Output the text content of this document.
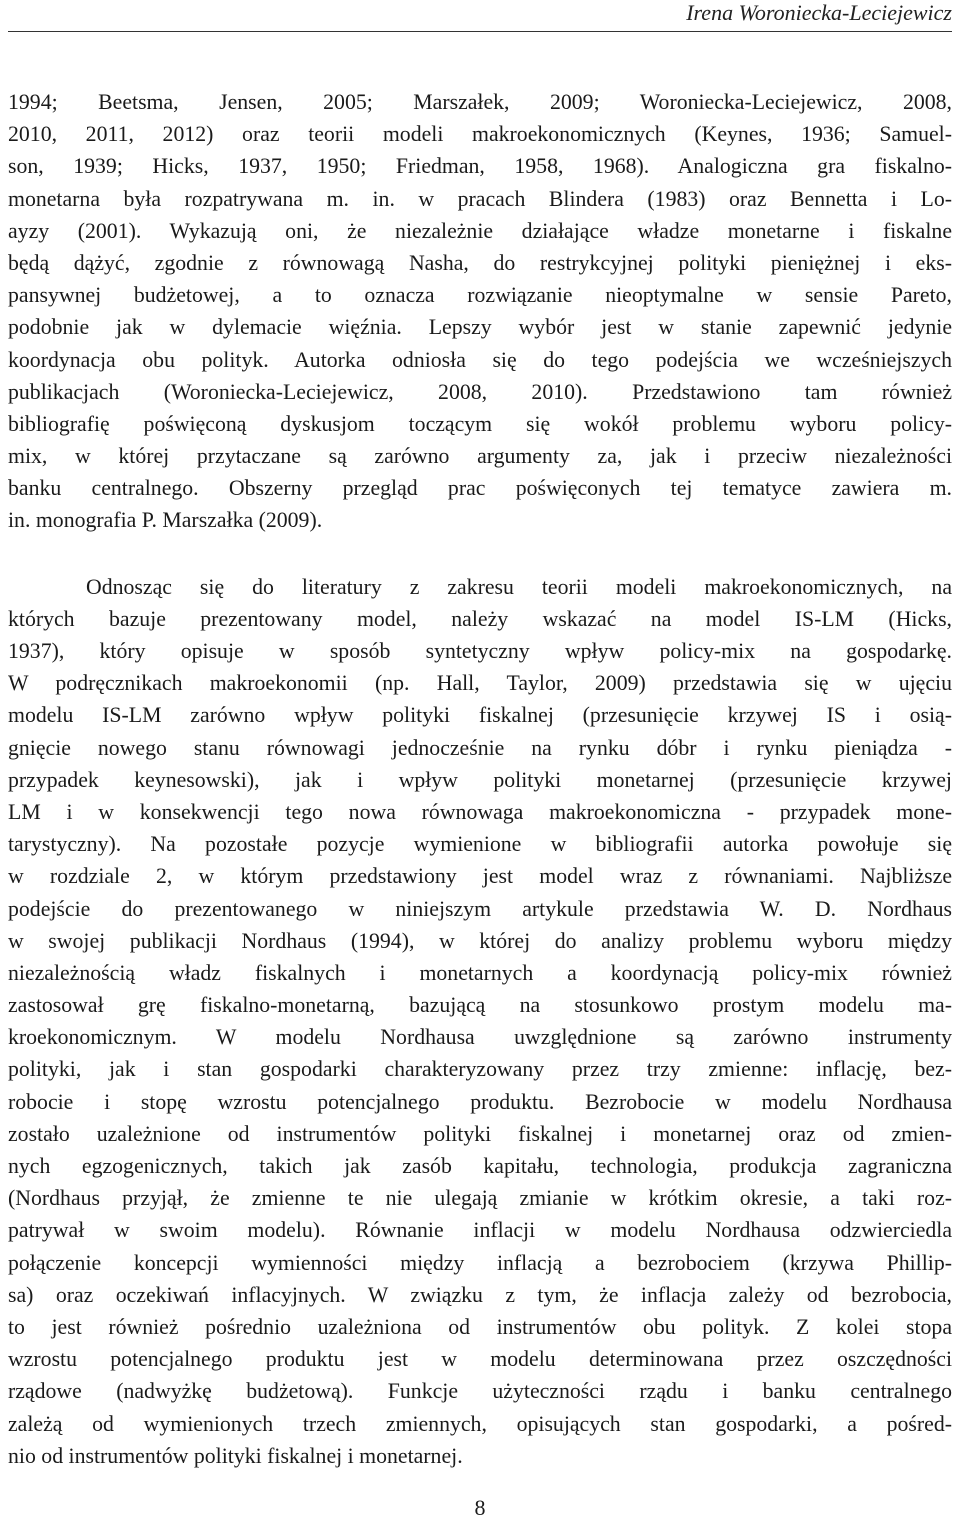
Irena Woroniecka-Leciejewicz
1994; Beetsma, Jensen, 2005; Marszałek, 2009; Woroniecka-Leciejewicz, 2008,
2010, 2011, 2012) oraz teorii modeli makroekonomicznych (Keynes, 1936; Samuel-
son, 1939; Hicks, 1937, 1950; Friedman, 1958, 1968). Analogiczna gra fiskalno-
monetarna była rozpatrywana m. in. w pracach Blindera (1983) oraz Bennetta i Lo-
ayzy (2001). Wykazują oni, że niezależnie działające władze monetarne i fiskalne
będą dążyć, zgodnie z równowagą Nasha, do restrykcyjnej polityki pieniężnej i eks-
pansywnej budżetowej, a to oznacza rozwiązanie nieoptymalne w sensie Pareto,
podobnie jak w dylemacie więźnia. Lepszy wybór jest w stanie zapewnić jedynie
koordynacja obu polityk. Autorka odniosła się do tego podejścia we wcześniejszych
publikacjach (Woroniecka-Leciejewicz, 2008, 2010). Przedstawiono tam również
bibliografię poświęconą dyskusjom toczącym się wokół problemu wyboru policy-
mix, w której przytaczane są zarówno argumenty za, jak i przeciw niezależności
banku centralnego. Obszerny przegląd prac poświęconych tej tematyce zawiera m.
in. monografia P. Marszałka (2009).
Odnosząc się do literatury z zakresu teorii modeli makroekonomicznych, na
których bazuje prezentowany model, należy wskazać na model IS-LM (Hicks,
1937), który opisuje w sposób syntetyczny wpływ policy-mix na gospodarkę.
W podręcznikach makroekonomii (np. Hall, Taylor, 2009) przedstawia się w ujęciu
modelu IS-LM zarówno wpływ polityki fiskalnej (przesunięcie krzywej IS i osią-
gnięcie nowego stanu równowagi jednocześnie na rynku dóbr i rynku pieniądza -
przypadek keynesowski), jak i wpływ polityki monetarnej (przesunięcie krzywej
LM i w konsekwencji tego nowa równowaga makroekonomiczna - przypadek mone-
tarystyczny). Na pozostałe pozycje wymienione w bibliografii autorka powołuje się
w rozdziale 2, w którym przedstawiony jest model wraz z równaniami. Najbliższe
podejście do prezentowanego w niniejszym artykule przedstawia W. D. Nordhaus
w swojej publikacji Nordhaus (1994), w której do analizy problemu wyboru między
niezależnością władz fiskalnych i monetarnych a koordynacją policy-mix również
zastosował grę fiskalno-monetarną, bazującą na stosunkowo prostym modelu ma-
kroekonomicznym. W modelu Nordhausa uwzględnione są zarówno instrumenty
polityki, jak i stan gospodarki charakteryzowany przez trzy zmienne: inflację, bez-
robocie i stopę wzrostu potencjalnego produktu. Bezrobocie w modelu Nordhausa
zostało uzależnione od instrumentów polityki fiskalnej i monetarnej oraz od zmien-
nych egzogenicznych, takich jak zasób kapitału, technologia, produkcja zagraniczna
(Nordhaus przyjął, że zmienne te nie ulegają zmianie w krótkim okresie, a taki roz-
patrywał w swoim modelu). Równanie inflacji w modelu Nordhausa odzwierciedla
połączenie koncepcji wymienności między inflacją a bezrobociem (krzywa Phillip-
sa) oraz oczekiwań inflacyjnych. W związku z tym, że inflacja zależy od bezrobocia,
to jest również pośrednio uzależniona od instrumentów obu polityk. Z kolei stopa
wzrostu potencjalnego produktu jest w modelu determinowana przez oszczędności
rządowe (nadwyżkę budżetową). Funkcje użyteczności rządu i banku centralnego
zależą od wymienionych trzech zmiennych, opisujących stan gospodarki, a pośred-
nio od instrumentów polityki fiskalnej i monetarnej.
8
